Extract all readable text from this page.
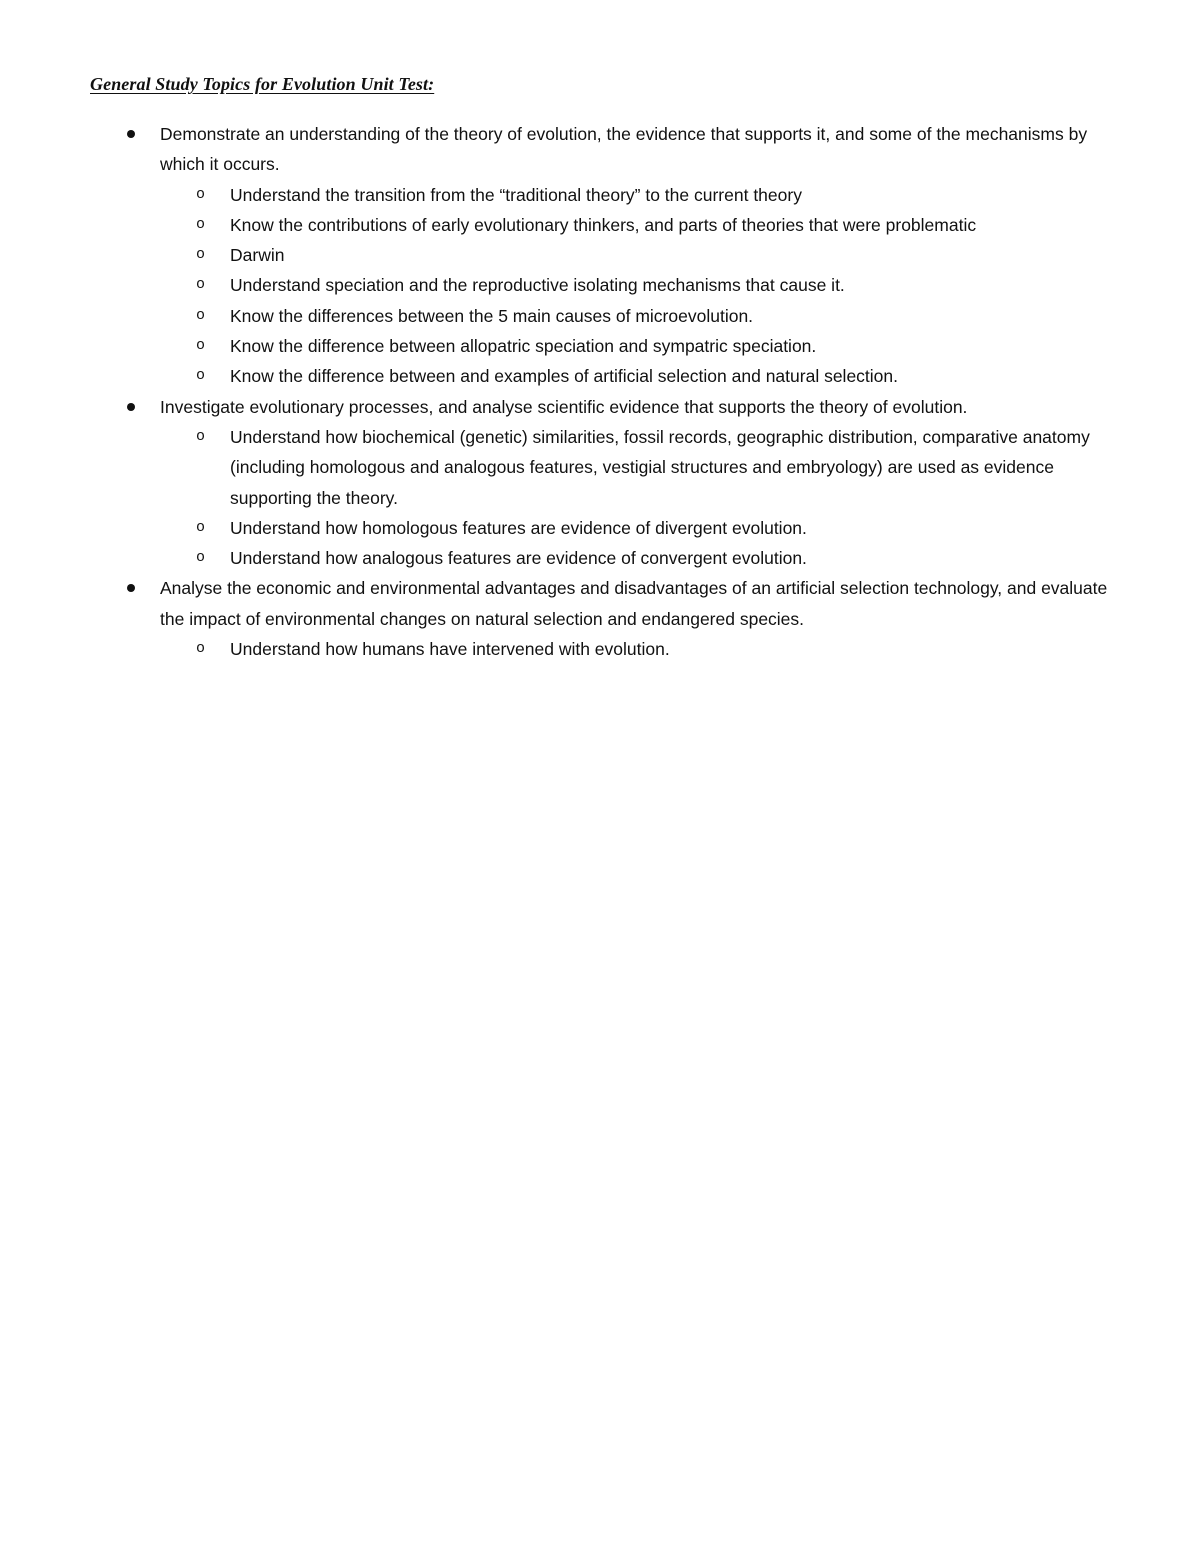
General Study Topics for Evolution Unit Test:
Demonstrate an understanding of the theory of evolution, the evidence that supports it, and some of the mechanisms by which it occurs.
o Understand the transition from the “traditional theory” to the current theory
o Know the contributions of early evolutionary thinkers, and parts of theories that were problematic
o Darwin
o Understand speciation and the reproductive isolating mechanisms that cause it.
o Know the differences between the 5 main causes of microevolution.
o Know the difference between allopatric speciation and sympatric speciation.
o Know the difference between and examples of artificial selection and natural selection.
Investigate evolutionary processes, and analyse scientific evidence that supports the theory of evolution.
o Understand how biochemical (genetic) similarities, fossil records, geographic distribution, comparative anatomy (including homologous and analogous features, vestigial structures and embryology) are used as evidence supporting the theory.
o Understand how homologous features are evidence of divergent evolution.
o Understand how analogous features are evidence of convergent evolution.
Analyse the economic and environmental advantages and disadvantages of an artificial selection technology, and evaluate the impact of environmental changes on natural selection and endangered species.
o Understand how humans have intervened with evolution.
